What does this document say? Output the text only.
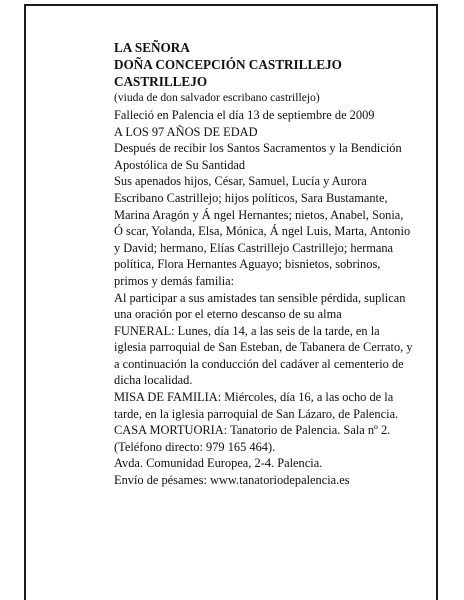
LA SEÑORA
DOÑA CONCEPCIÓN CASTRILLEJO
CASTRILLEJO
(viuda de don salvador escribano castrillejo)
Falleció en Palencia el día 13 de septiembre de 2009
A LOS 97 AÑOS DE EDAD
Después de recibir los Santos Sacramentos y la Bendición Apostólica de Su Santidad
Sus apenados hijos, César, Samuel, Lucía y Aurora Escribano Castrillejo; hijos políticos, Sara Bustamante, Marina Aragón y Á ngel Hernantes; nietos, Anabel, Sonia, Ó scar, Yolanda, Elsa, Mónica, Á ngel Luis, Marta, Antonio y David; hermano, Elías Castrillejo Castrillejo; hermana política, Flora Hernantes Aguayo; bisnietos, sobrinos, primos y demás familia:
Al participar a sus amistades tan sensible pérdida, suplican una oración por el eterno descanso de su alma
FUNERAL: Lunes, día 14, a las seis de la tarde, en la iglesia parroquial de San Esteban, de Tabanera de Cerrato, y a continuación la conducción del cadáver al cementerio de dicha localidad.
MISA DE FAMILIA: Miércoles, día 16, a las ocho de la tarde, en la iglesia parroquial de San Lázaro, de Palencia.
CASA MORTUORIA: Tanatorio de Palencia. Sala nº 2. (Teléfono directo: 979 165 464).
Avda. Comunidad Europea, 2-4. Palencia.
Envío de pésames: www.tanatoriodepalencia.es
